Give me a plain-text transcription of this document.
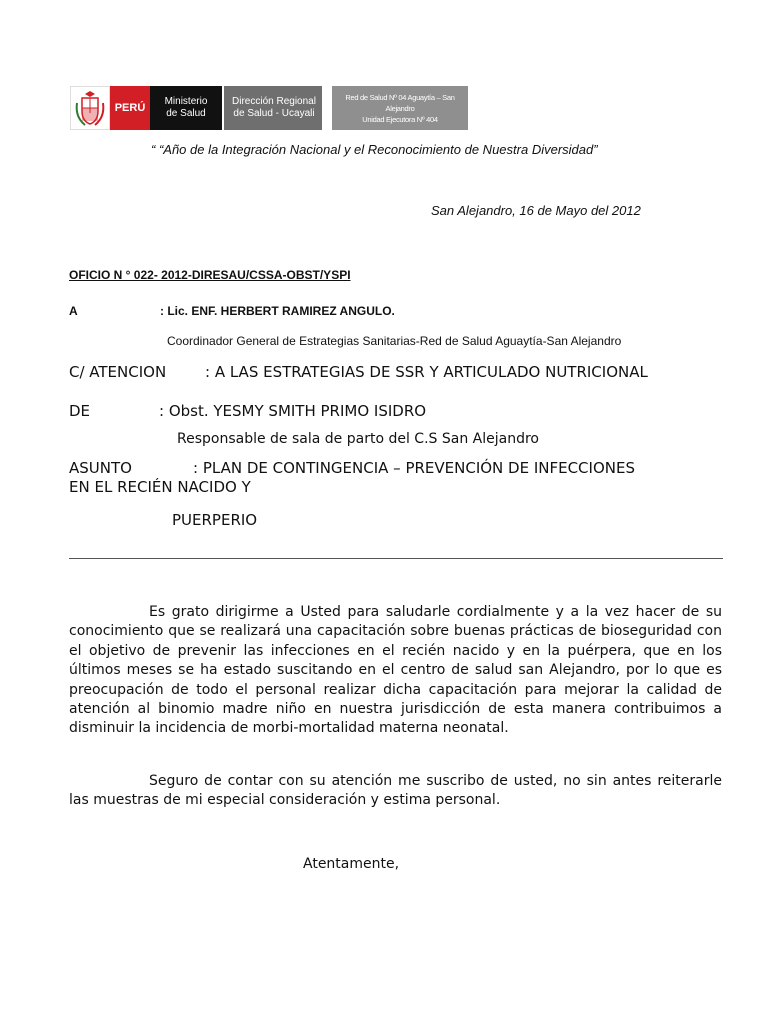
PERÚ
Ministerio
de Salud
Dirección Regional
de Salud - Ucayali
Red de Salud Nº 04 Aguaytía – San Alejandro
Unidad Ejecutora Nº 404
“ “Año de la Integración Nacional y el Reconocimiento de Nuestra Diversidad”
San Alejandro, 16 de Mayo del 2012
OFICIO N ° 022- 2012-DIRESAU/CSSA-OBST/YSPI
A	: Lic. ENF. HERBERT RAMIREZ ANGULO.
Coordinador General de Estrategias Sanitarias-Red de Salud Aguaytía-San Alejandro
C/ ATENCION	: A LAS ESTRATEGIAS DE SSR Y ARTICULADO NUTRICIONAL
DE	: Obst. YESMY SMITH PRIMO ISIDRO
Responsable de sala de parto del C.S San Alejandro
ASUNTO	: PLAN DE CONTINGENCIA – PREVENCIÓN DE INFECCIONES
EN EL RECIÉN NACIDO Y
PUERPERIO

Es grato dirigirme a Usted para saludarle cordialmente y a la vez hacer de su conocimiento que se realizará una capacitación sobre buenas prácticas de bioseguridad con el objetivo de prevenir las infecciones en el recién nacido y en la puérpera, que en los últimos meses se ha estado suscitando en el centro de salud san Alejandro, por lo que es preocupación de todo el personal realizar dicha capacitación para mejorar la calidad de atención al binomio madre niño en nuestra jurisdicción de esta manera contribuimos a disminuir la incidencia de morbi-mortalidad materna neonatal.

Seguro de contar con su atención me suscribo de usted, no sin antes reiterarle las muestras de mi especial consideración y estima personal.

Atentamente,
